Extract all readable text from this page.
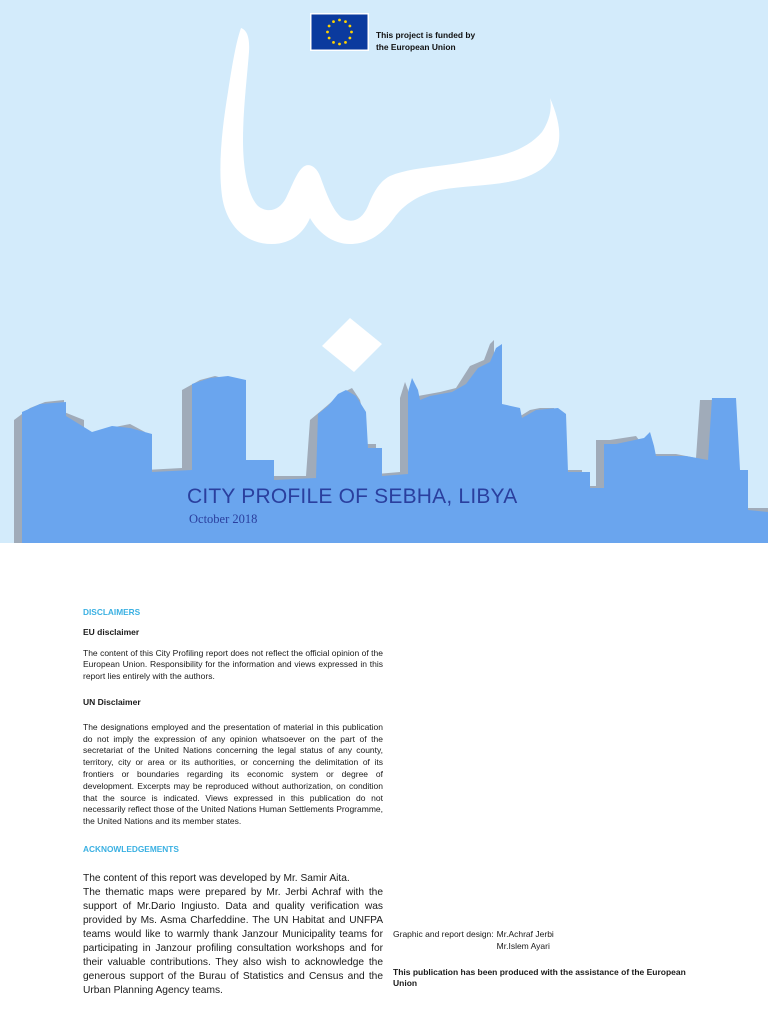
This project is funded by
the European Union
CITY PROFILE OF SEBHA, LIBYA
October 2018
DISCLAIMERS
EU disclaimer
The content of this City Profiling report does not reflect the official opinion of the European Union. Responsibility for the information and views expressed in this report lies entirely with the authors.
UN Disclaimer
The designations employed and the presentation of material in this publication do not imply the expression of any opinion whatsoever on the part of the secretariat of the United Nations concerning the legal status of any county, territory, city or area or its authorities, or concerning the delimitation of its frontiers or boundaries regarding its economic system or degree of development. Excerpts may be reproduced without authorization, on condition that the source is indicated. Views expressed in this publication do not necessarily reflect those of the United Nations Human Settlements Programme, the United Nations and its member states.
ACKNOWLEDGEMENTS

The content of this report was developed by Mr. Samir Aita.

The thematic maps were prepared by Mr. Jerbi Achraf with the support of Mr.Dario Ingiusto. Data and quality verification was provided by Ms. Asma Charfeddine. The UN Habitat and UNFPA teams would like to warmly thank Janzour Municipality teams for participating in Janzour profiling consultation workshops and for their valuable contributions. They also wish to acknowledge the generous support of the Burau of Statistics and Census and the Urban Planning Agency teams.

Graphic and report design: Mr.Achraf Jerbi
Mr.Islem Ayari
This publication has been produced with the assistance of the European Union
